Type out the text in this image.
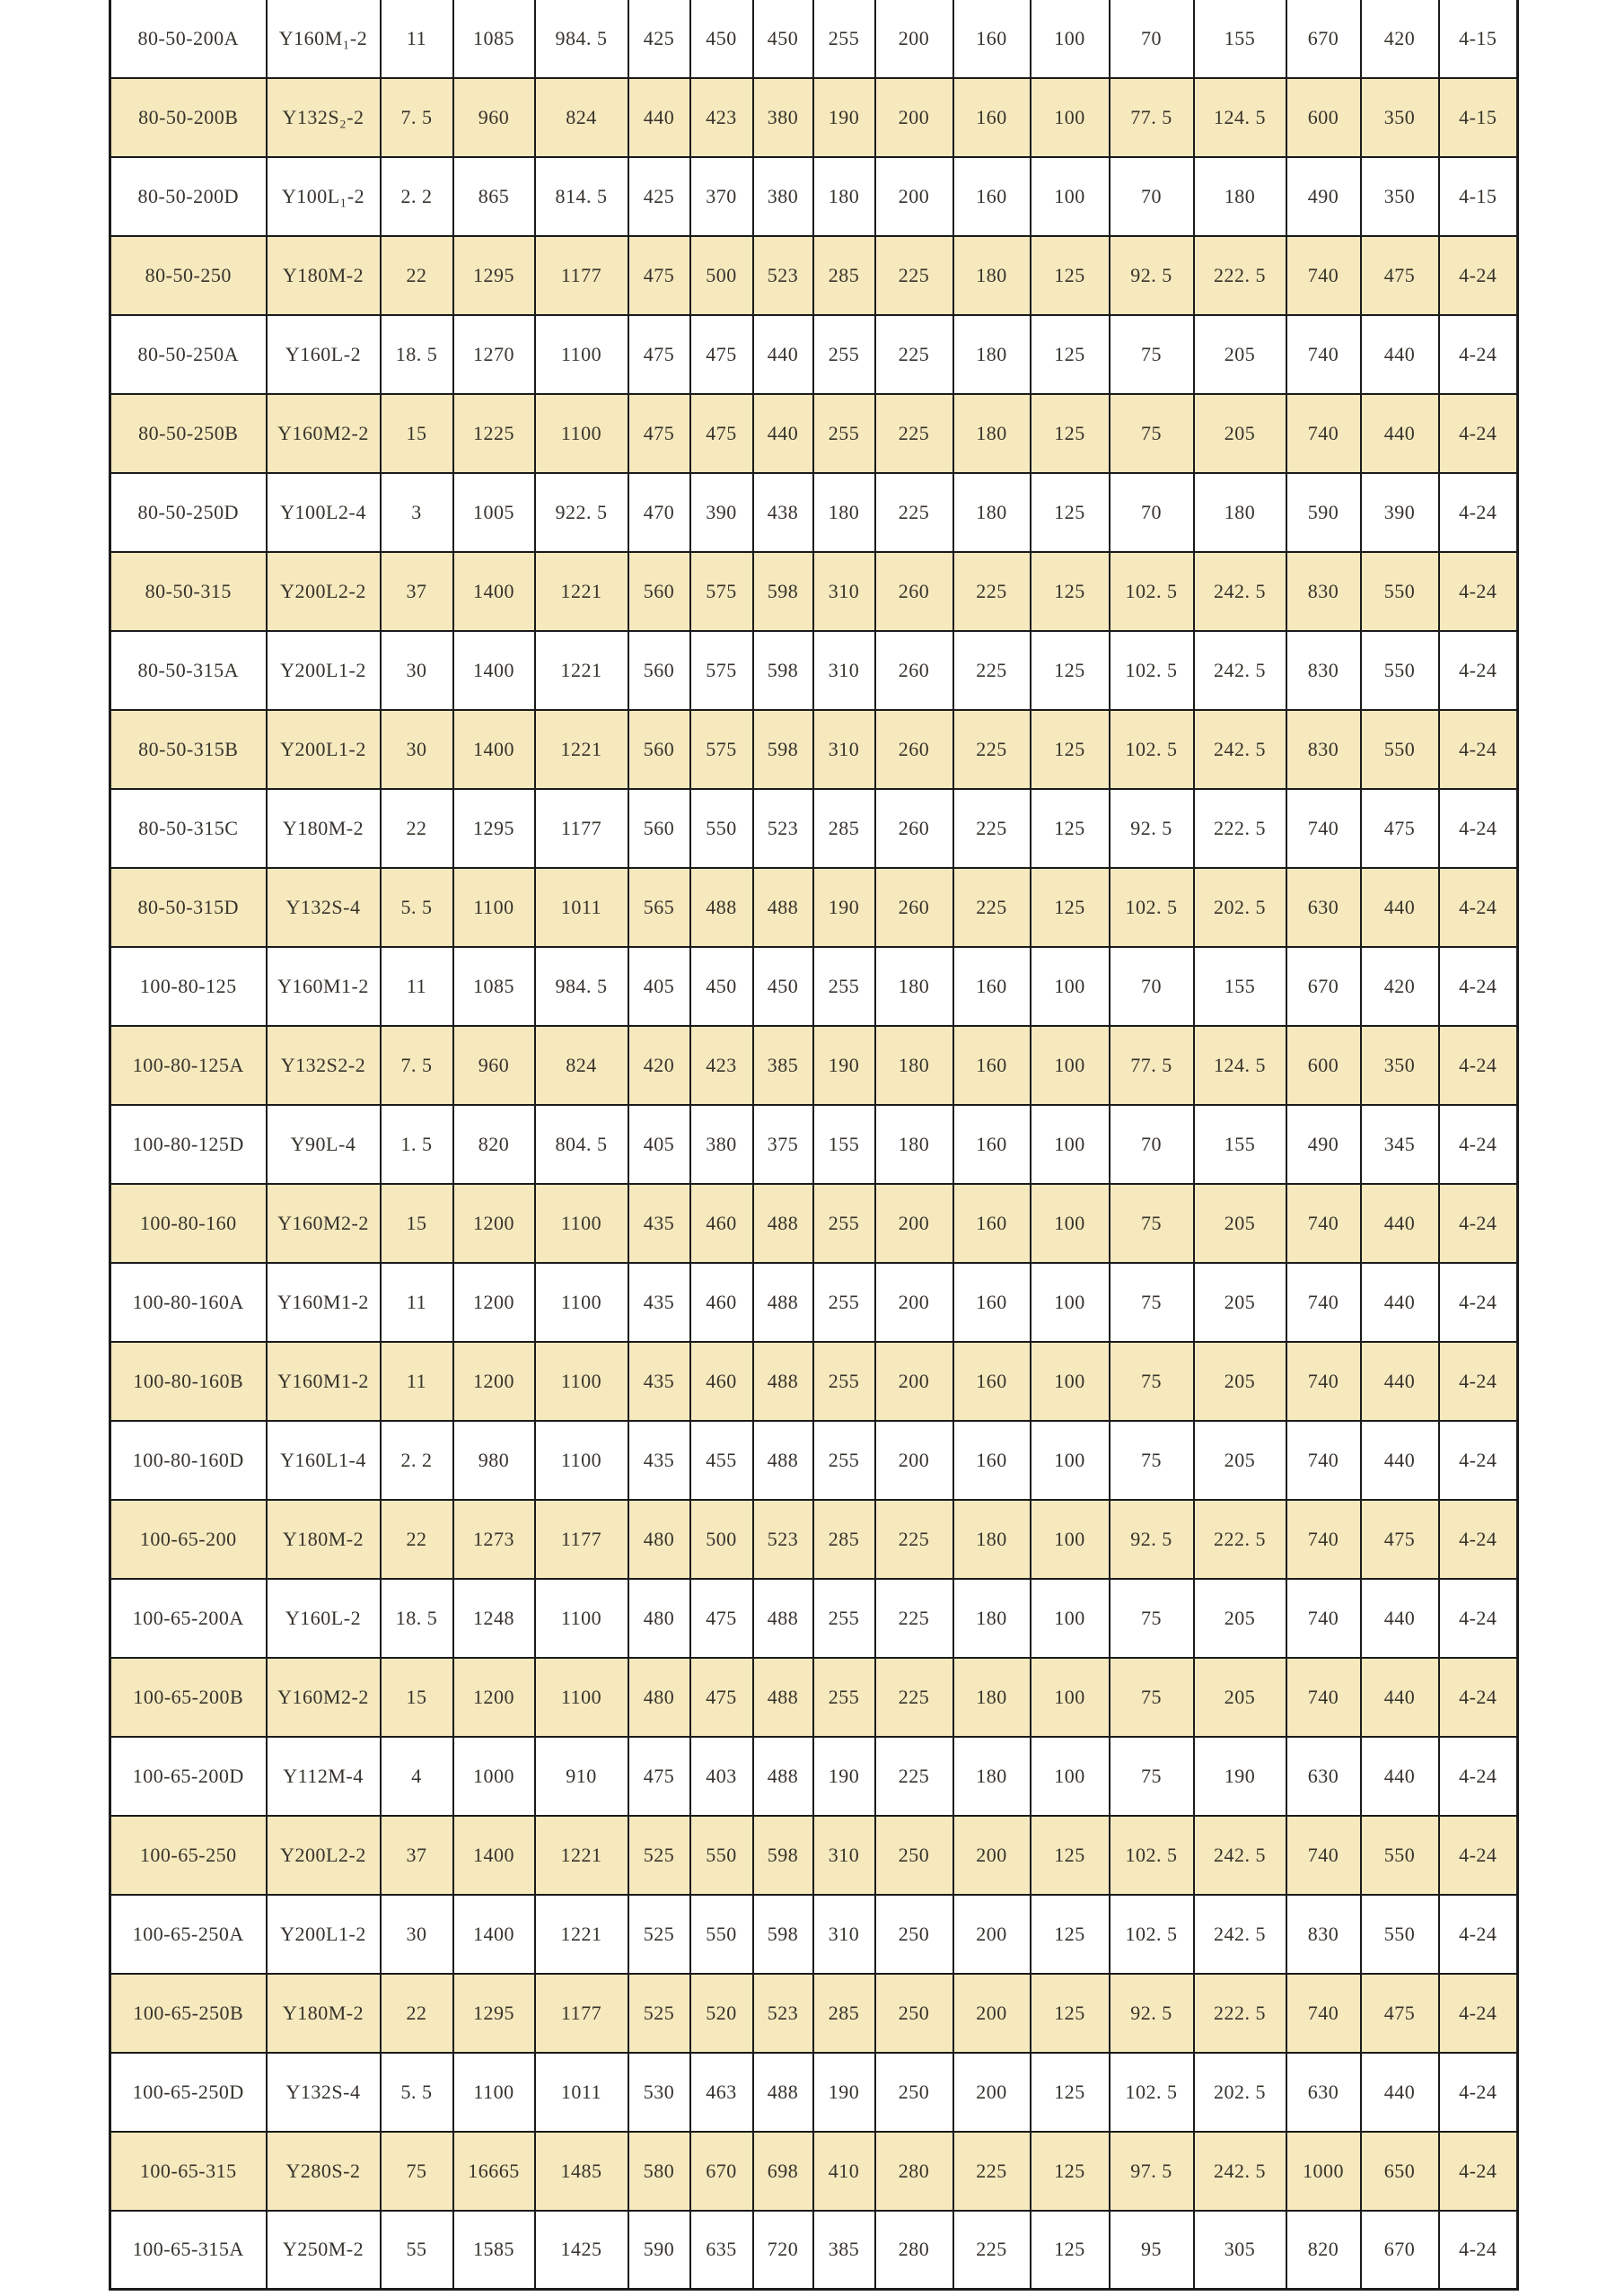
80-50-200A	Y160M₁-2	11	1085	984. 5	425	450	450	255	200	160	100	70	155	670	420	4-15
80-50-200B	Y132S₂-2	7. 5	960	824	440	423	380	190	200	160	100	77. 5	124. 5	600	350	4-15
80-50-200D	Y100L₁-2	2. 2	865	814. 5	425	370	380	180	200	160	100	70	180	490	350	4-15
80-50-250	Y180M-2	22	1295	1177	475	500	523	285	225	180	125	92. 5	222. 5	740	475	4-24
80-50-250A	Y160L-2	18. 5	1270	1100	475	475	440	255	225	180	125	75	205	740	440	4-24
80-50-250B	Y160M2-2	15	1225	1100	475	475	440	255	225	180	125	75	205	740	440	4-24
80-50-250D	Y100L2-4	3	1005	922. 5	470	390	438	180	225	180	125	70	180	590	390	4-24
80-50-315	Y200L2-2	37	1400	1221	560	575	598	310	260	225	125	102. 5	242. 5	830	550	4-24
80-50-315A	Y200L1-2	30	1400	1221	560	575	598	310	260	225	125	102. 5	242. 5	830	550	4-24
80-50-315B	Y200L1-2	30	1400	1221	560	575	598	310	260	225	125	102. 5	242. 5	830	550	4-24
80-50-315C	Y180M-2	22	1295	1177	560	550	523	285	260	225	125	92. 5	222. 5	740	475	4-24
80-50-315D	Y132S-4	5. 5	1100	1011	565	488	488	190	260	225	125	102. 5	202. 5	630	440	4-24
100-80-125	Y160M1-2	11	1085	984. 5	405	450	450	255	180	160	100	70	155	670	420	4-24
100-80-125A	Y132S2-2	7. 5	960	824	420	423	385	190	180	160	100	77. 5	124. 5	600	350	4-24
100-80-125D	Y90L-4	1. 5	820	804. 5	405	380	375	155	180	160	100	70	155	490	345	4-24
100-80-160	Y160M2-2	15	1200	1100	435	460	488	255	200	160	100	75	205	740	440	4-24
100-80-160A	Y160M1-2	11	1200	1100	435	460	488	255	200	160	100	75	205	740	440	4-24
100-80-160B	Y160M1-2	11	1200	1100	435	460	488	255	200	160	100	75	205	740	440	4-24
100-80-160D	Y160L1-4	2. 2	980	1100	435	455	488	255	200	160	100	75	205	740	440	4-24
100-65-200	Y180M-2	22	1273	1177	480	500	523	285	225	180	100	92. 5	222. 5	740	475	4-24
100-65-200A	Y160L-2	18. 5	1248	1100	480	475	488	255	225	180	100	75	205	740	440	4-24
100-65-200B	Y160M2-2	15	1200	1100	480	475	488	255	225	180	100	75	205	740	440	4-24
100-65-200D	Y112M-4	4	1000	910	475	403	488	190	225	180	100	75	190	630	440	4-24
100-65-250	Y200L2-2	37	1400	1221	525	550	598	310	250	200	125	102. 5	242. 5	740	550	4-24
100-65-250A	Y200L1-2	30	1400	1221	525	550	598	310	250	200	125	102. 5	242. 5	830	550	4-24
100-65-250B	Y180M-2	22	1295	1177	525	520	523	285	250	200	125	92. 5	222. 5	740	475	4-24
100-65-250D	Y132S-4	5. 5	1100	1011	530	463	488	190	250	200	125	102. 5	202. 5	630	440	4-24
100-65-315	Y280S-2	75	16665	1485	580	670	698	410	280	225	125	97. 5	242. 5	1000	650	4-24
100-65-315A	Y250M-2	55	1585	1425	590	635	720	385	280	225	125	95	305	820	670	4-24
